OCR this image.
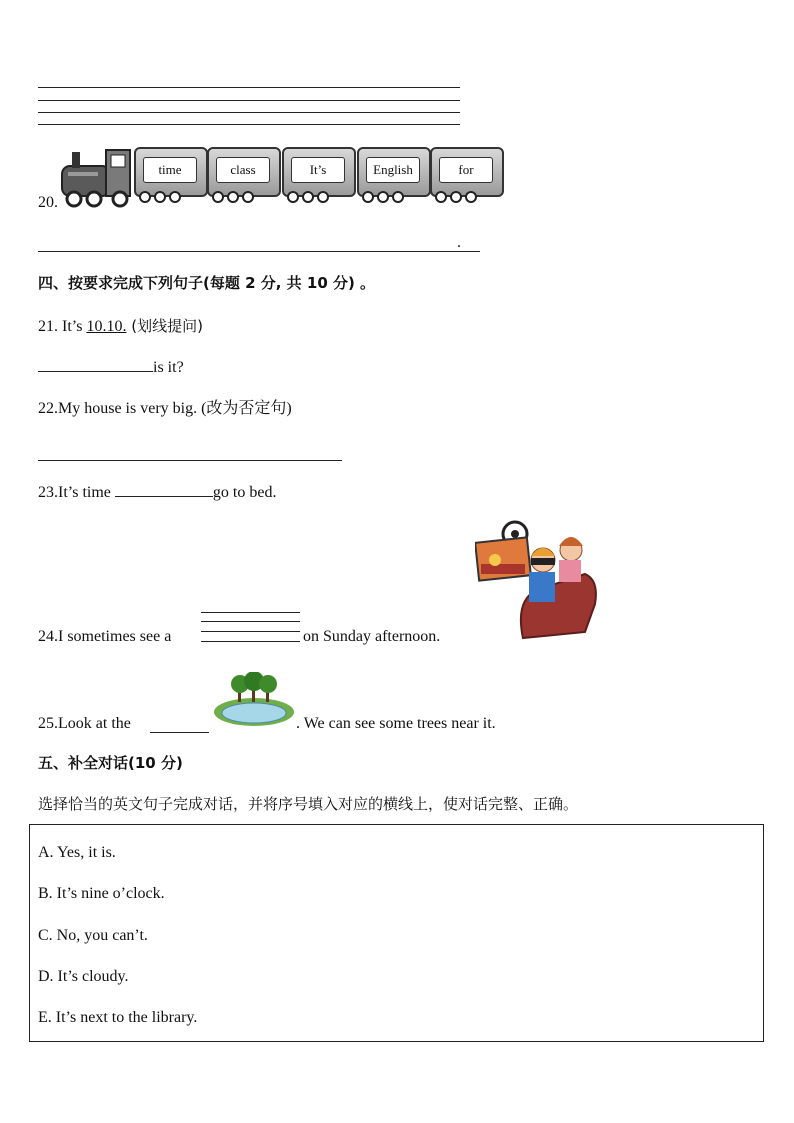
20.
time	class	It’s	English	for
.
四、按要求完成下列句子(每题 2 分, 共 10 分) 。
21. It’s 10.10. (划线提问)
is it?
22.My house is very big. (改为否定句)
23.It’s time	go to bed.
24.I sometimes see a	on Sunday afternoon.
25.Look at the	. We can see some trees near it.
五、补全对话(10 分)
选择恰当的英文句子完成对话，并将序号填入对应的横线上，使对话完整、正确。
A. Yes, it is.
B. It’s nine o’clock.
C. No, you can’t.
D. It’s cloudy.
E. It’s next to the library.
